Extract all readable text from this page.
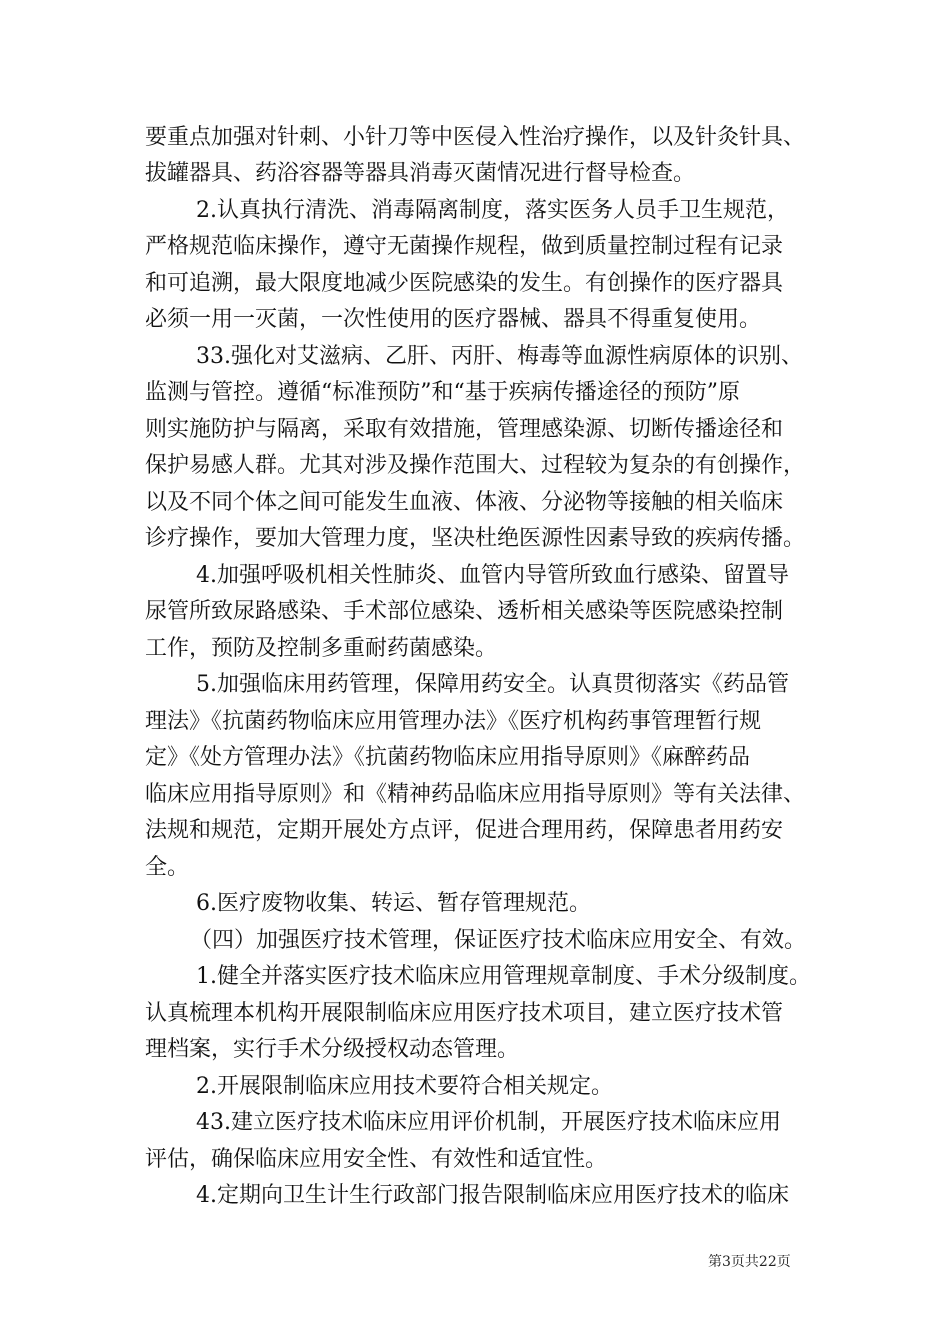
要重点加强对针刺、小针刀等中医侵入性治疗操作，以及针灸针具、
拔罐器具、药浴容器等器具消毒灭菌情况进行督导检查。
2.认真执行清洗、消毒隔离制度，落实医务人员手卫生规范，
严格规范临床操作，遵守无菌操作规程，做到质量控制过程有记录
和可追溯，最大限度地减少医院感染的发生。有创操作的医疗器具
必须一用一灭菌，一次性使用的医疗器械、器具不得重复使用。
33.强化对艾滋病、乙肝、丙肝、梅毒等血源性病原体的识别、
监测与管控。遵循“标准预防”和“基于疾病传播途径的预防”原
则实施防护与隔离，采取有效措施，管理感染源、切断传播途径和
保护易感人群。尤其对涉及操作范围大、过程较为复杂的有创操作，
以及不同个体之间可能发生血液、体液、分泌物等接触的相关临床
诊疗操作，要加大管理力度，坚决杜绝医源性因素导致的疾病传播。
4.加强呼吸机相关性肺炎、血管内导管所致血行感染、留置导
尿管所致尿路感染、手术部位感染、透析相关感染等医院感染控制
工作，预防及控制多重耐药菌感染。
5.加强临床用药管理，保障用药安全。认真贯彻落实《药品管
理法》《抗菌药物临床应用管理办法》《医疗机构药事管理暂行规
定》《处方管理办法》《抗菌药物临床应用指导原则》《麻醉药品
临床应用指导原则》和《精神药品临床应用指导原则》等有关法律、
法规和规范，定期开展处方点评，促进合理用药，保障患者用药安
全。
6.医疗废物收集、转运、暂存管理规范。
（四）加强医疗技术管理，保证医疗技术临床应用安全、有效。
1.健全并落实医疗技术临床应用管理规章制度、手术分级制度。
认真梳理本机构开展限制临床应用医疗技术项目，建立医疗技术管
理档案，实行手术分级授权动态管理。
2.开展限制临床应用技术要符合相关规定。
43.建立医疗技术临床应用评价机制，开展医疗技术临床应用
评估，确保临床应用安全性、有效性和适宜性。
4.定期向卫生计生行政部门报告限制临床应用医疗技术的临床
第3页共22页
